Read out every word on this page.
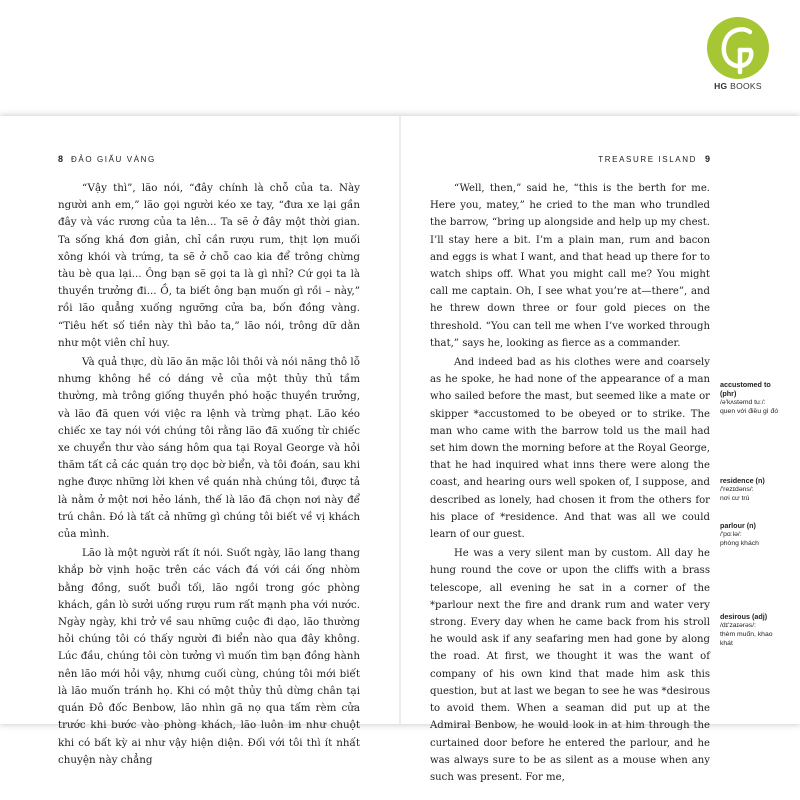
HG BOOKS
8 ĐẢO GIẤU VÀNG	TREASURE ISLAND 9

“Vậy thì”, lão nói, “đây chính là chỗ của ta. Này người anh em,” lão gọi người kéo xe tay, “đưa xe lại gần đây và vác rương của ta lên... Ta sẽ ở đây một thời gian. Ta sống khá đơn giản, chỉ cần rượu rum, thịt lợn muối xông khói và trứng, ta sẽ ở chỗ cao kia để trông chừng tàu bè qua lại... Ông bạn sẽ gọi ta là gì nhỉ? Cứ gọi ta là thuyền trưởng đi... Ồ, ta biết ông bạn muốn gì rồi – này,” rồi lão quẳng xuống ngưỡng cửa ba, bốn đồng vàng. “Tiêu hết số tiền này thì bảo ta,” lão nói, trông dữ dằn như một viên chỉ huy.

Và quả thực, dù lão ăn mặc lôi thôi và nói năng thô lỗ nhưng không hề có dáng vẻ của một thủy thủ tầm thường, mà trông giống thuyền phó hoặc thuyền trưởng, và lão đã quen với việc ra lệnh và trừng phạt. Lão kéo chiếc xe tay nói với chúng tôi rằng lão đã xuống từ chiếc xe chuyển thư vào sáng hôm qua tại Royal George và hỏi thăm tất cả các quán trọ dọc bờ biển, và tôi đoán, sau khi nghe được những lời khen về quán nhà chúng tôi, được tả là nằm ở một nơi hẻo lánh, thế là lão đã chọn nơi này để trú chân. Đó là tất cả những gì chúng tôi biết về vị khách của mình.

Lão là một người rất ít nói. Suốt ngày, lão lang thang khắp bờ vịnh hoặc trên các vách đá với cái ống nhòm bằng đồng, suốt buổi tối, lão ngồi trong góc phòng khách, gần lò sưởi uống rượu rum rất mạnh pha với nước. Ngày ngày, khi trở về sau những cuộc đi dạo, lão thường hỏi chúng tôi có thấy người đi biển nào qua đây không. Lúc đầu, chúng tôi còn tưởng vì muốn tìm bạn đồng hành nên lão mới hỏi vậy, nhưng cuối cùng, chúng tôi mới biết là lão muốn tránh họ. Khi có một thủy thủ dừng chân tại quán Đô đốc Benbow, lão nhìn gã nọ qua tấm rèm cửa trước khi bước vào phòng khách, lão luôn im như chuột khi có bất kỳ ai như vậy hiện diện. Đối với tôi thì ít nhất chuyện này chẳng

“Well, then,” said he, “this is the berth for me. Here you, matey,” he cried to the man who trundled the barrow, “bring up alongside and help up my chest. I’ll stay here a bit. I’m a plain man, rum and bacon and eggs is what I want, and that head up there for to watch ships off. What you might call me? You might call me captain. Oh, I see what you’re at—there”, and he threw down three or four gold pieces on the threshold. “You can tell me when I’ve worked through that,” says he, looking as fierce as a commander.

And indeed bad as his clothes were and coarsely as he spoke, he had none of the appearance of a man who sailed before the mast, but seemed like a mate or skipper *accustomed to be obeyed or to strike. The man who came with the barrow told us the mail had set him down the morning before at the Royal George, that he had inquired what inns there were along the coast, and hearing ours well spoken of, I suppose, and described as lonely, had chosen it from the others for his place of *residence. And that was all we could learn of our guest.

He was a very silent man by custom. All day he hung round the cove or upon the cliffs with a brass telescope, all evening he sat in a corner of the *parlour next the fire and drank rum and water very strong. Every day when he came back from his stroll he would ask if any seafaring men had gone by along the road. At first, we thought it was the want of company of his own kind that made him ask this question, but at last we began to see he was *desirous to avoid them. When a seaman did put up at the Admiral Benbow, he would look in at him through the curtained door before he entered the parlour, and he was always sure to be as silent as a mouse when any such was present. For me,

accustomed to (phr)
/ə'kʌstəmd tuː/:
quen với điều gì đó
residence (n)
/'rezɪdəns/:
nơi cư trú
parlour (n)
/'pɑːlə/:
phòng khách
desirous (adj)
/dɪ'zaɪərəs/:
thèm muốn, khao khát
